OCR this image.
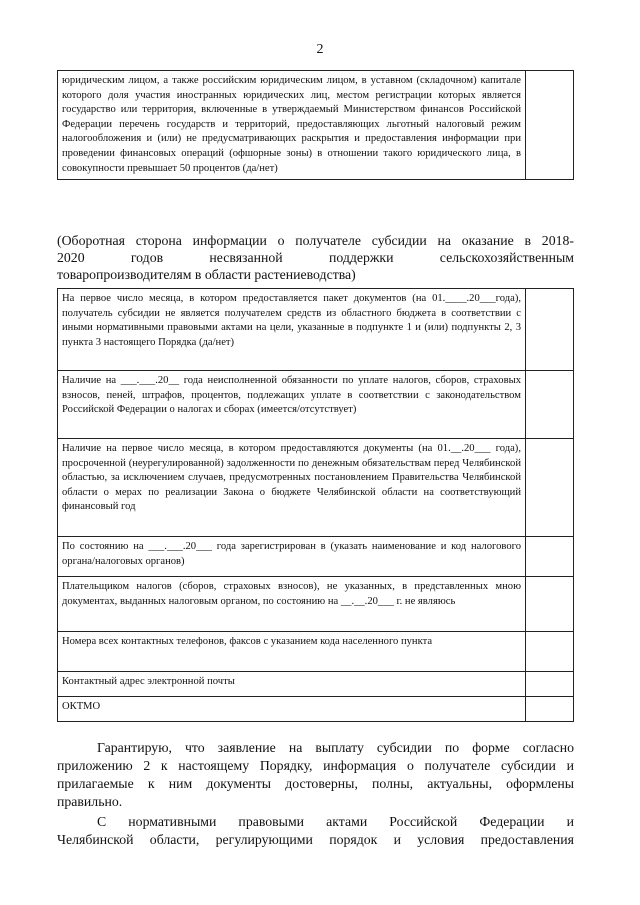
2
юридическим лицом, а также российским юридическим лицом, в уставном (складочном) капитале которого доля участия иностранных юридических лиц, местом регистрации которых является государство или территория, включенные в утверждаемый Министерством финансов Российской Федерации перечень государств и территорий, предоставляющих льготный налоговый режим налогообложения и (или) не предусматривающих раскрытия и предоставления информации при проведении финансовых операций (офшорные зоны) в отношении такого юридического лица, в совокупности превышает 50 процентов (да/нет)	
(Оборотная сторона информации о получателе субсидии на оказание в 2018-
2020 годов несвязанной поддержки сельскохозяйственным
товаропроизводителям в области растениеводства)
На первое число месяца, в котором предоставляется пакет документов (на 01.____.20___года), получатель субсидии не является получателем средств из областного бюджета в соответствии с иными нормативными правовыми актами на цели, указанные в подпункте 1 и (или) подпункты 2, 3 пункта 3 настоящего Порядка (да/нет)	
Наличие на ___.___.20__ года неисполненной обязанности по уплате налогов, сборов, страховых взносов, пеней, штрафов, процентов, подлежащих уплате в соответствии с законодательством Российской Федерации о налогах и сборах (имеется/отсутствует)	
Наличие на первое число месяца, в котором предоставляются документы (на 01.__.20___ года), просроченной (неурегулированной) задолженности по денежным обязательствам перед Челябинской областью, за исключением случаев, предусмотренных постановлением Правительства Челябинской области о мерах по реализации Закона о бюджете Челябинской области на соответствующий финансовый год	
По состоянию на ___.___.20___ года зарегистрирован в (указать наименование и код налогового органа/налоговых органов)	
Плательщиком налогов (сборов, страховых взносов), не указанных, в представленных мною документах, выданных налоговым органом, по состоянию на __.__.20___ г. не являюсь	
Номера всех контактных телефонов, факсов с указанием кода населенного пункта	
Контактный адрес электронной почты	
ОКТМО	
Гарантирую, что заявление на выплату субсидии по форме согласно
приложению 2 к настоящему Порядку, информация о получателе субсидии и
прилагаемые к ним документы достоверны, полны, актуальны, оформлены
правильно.
С нормативными правовыми актами Российской Федерации и
Челябинской области, регулирующими порядок и условия предоставления
